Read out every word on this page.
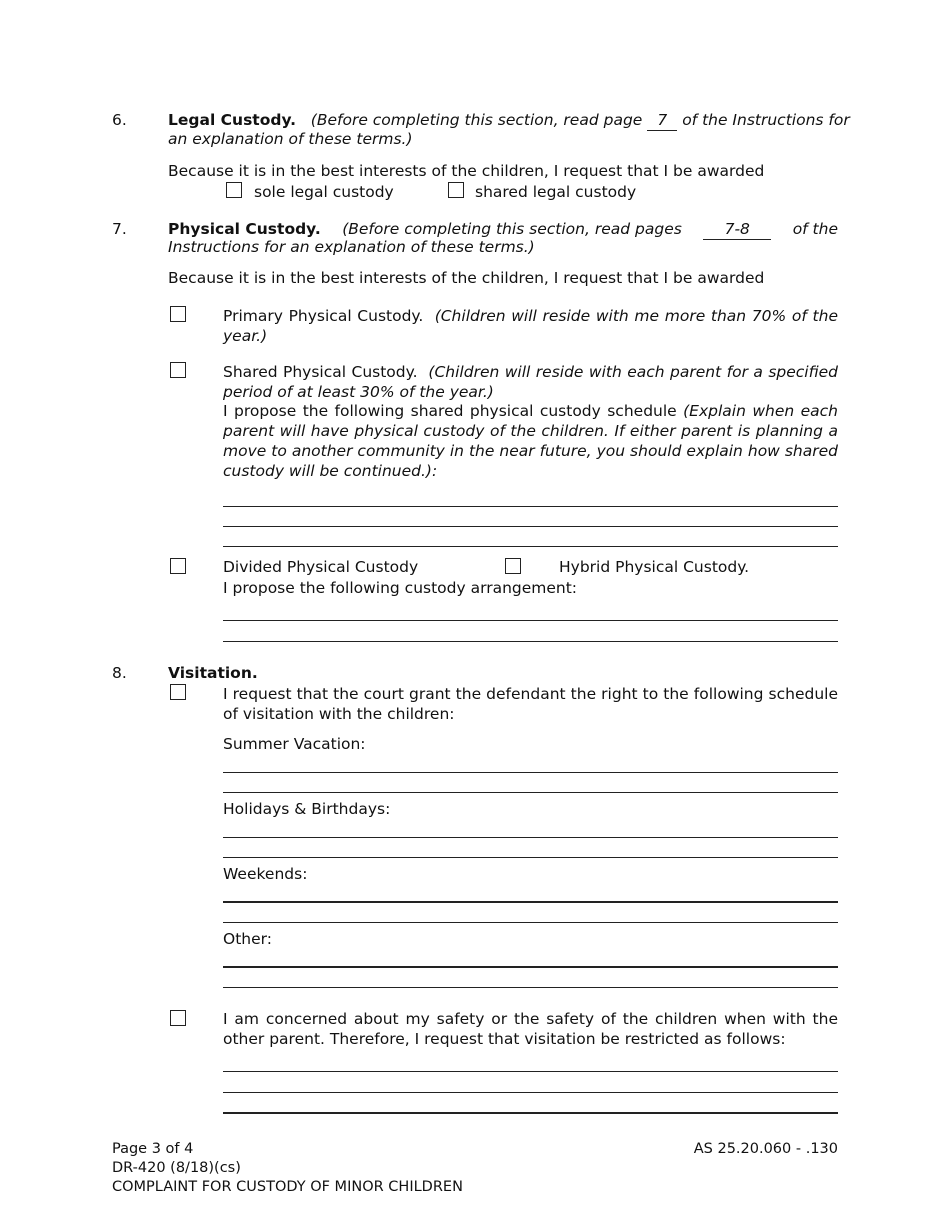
6.	Legal Custody. (Before completing this section, read page 7 of the Instructions for
an explanation of these terms.)
Because it is in the best interests of the children, I request that I be awarded
sole legal custody	shared legal custody
7.	Physical Custody. (Before completing this section, read pages	7-8	of the
Instructions for an explanation of these terms.)
Because it is in the best interests of the children, I request that I be awarded
Primary Physical Custody. (Children will reside with me more than 70% of the year.)
Shared Physical Custody. (Children will reside with each parent for a specified period of at least 30% of the year.)
I propose the following shared physical custody schedule (Explain when each parent will have physical custody of the children. If either parent is planning a move to another community in the near future, you should explain how shared custody will be continued.):
Divided Physical Custody	Hybrid Physical Custody.
I propose the following custody arrangement:
8.	Visitation.
I request that the court grant the defendant the right to the following schedule of visitation with the children:
Summer Vacation:
Holidays & Birthdays:
Weekends:
Other:
I am concerned about my safety or the safety of the children when with the other parent. Therefore, I request that visitation be restricted as follows:
Page 3 of 4
DR-420 (8/18)(cs)
COMPLAINT FOR CUSTODY OF MINOR CHILDREN
AS 25.20.060 - .130
